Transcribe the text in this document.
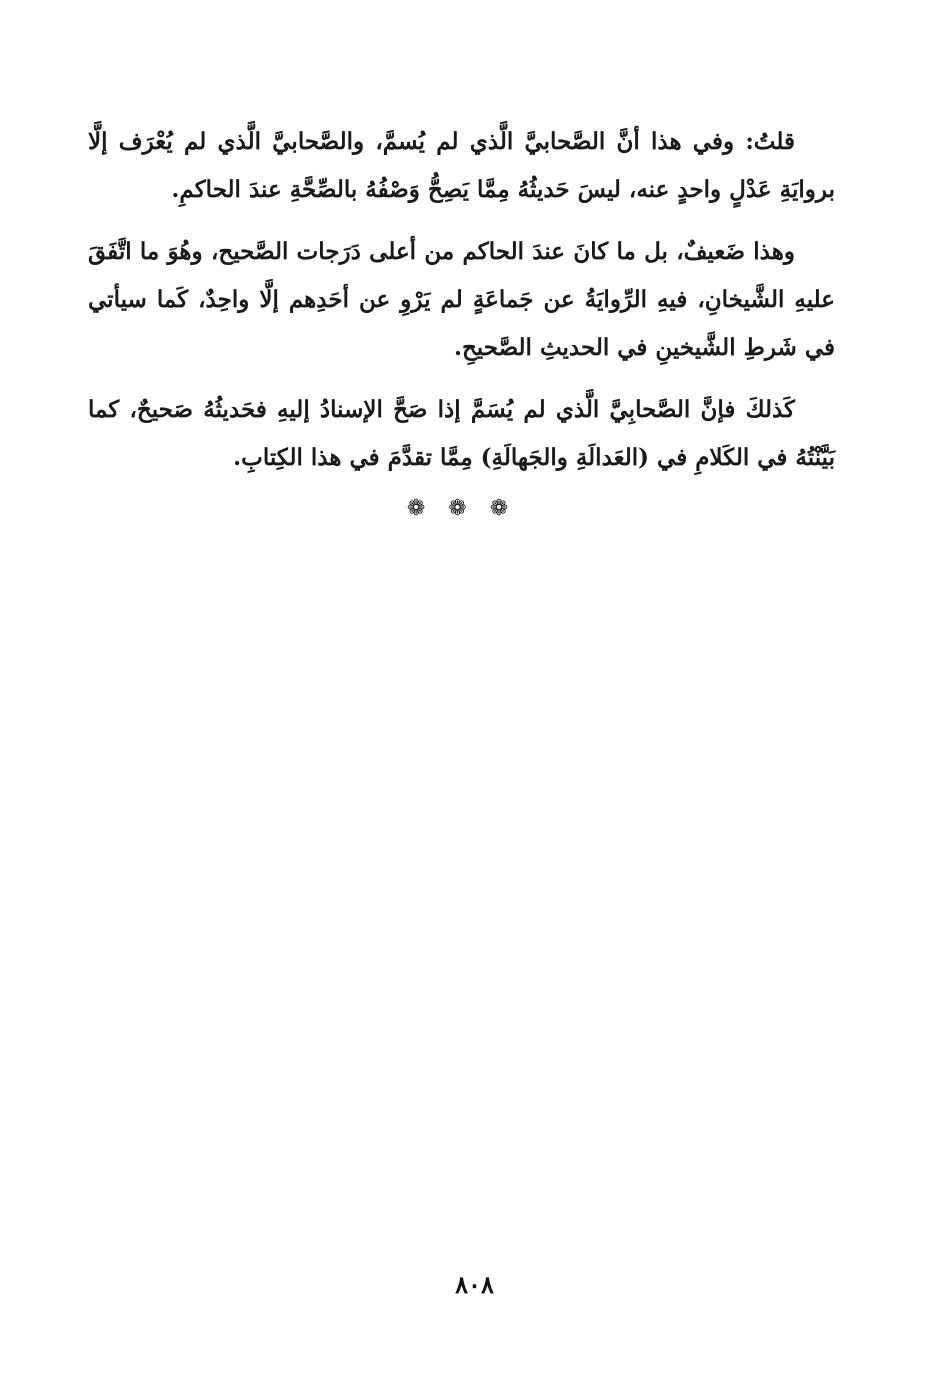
قلتُ: وفي هذا أنَّ الصَّحابيَّ الَّذي لم يُسمَّ، والصَّحابيَّ الَّذي لم يُعْرَف إلَّا بروايَةِ عَدْلٍ واحدٍ عنه، ليسَ حَديثُهُ مِمَّا يَصِحُّ وَصْفُهُ بالصِّحَّةِ عندَ الحاكمِ.

وهذا ضَعيفٌ، بل ما كانَ عندَ الحاكم من أعلى دَرَجات الصَّحيح، وهُوَ ما اتَّفَقَ عليهِ الشَّيخانِ، فيهِ الرِّوايَةُ عن جَماعَةٍ لم يَرْوِ عن أحَدِهم إلَّا واحِدٌ، كَما سيأتي في شَرطِ الشَّيخينِ في الحديثِ الصَّحيحِ.

كَذلكَ فإنَّ الصَّحابِيَّ الَّذي لم يُسَمَّ إذا صَحَّ الإسنادُ إليهِ فحَديثُهُ صَحيحٌ، كما بَيَّنْتُهُ في الكَلامِ في (العَدالَةِ والجَهالَةِ) مِمَّا تقدَّمَ في هذا الكِتابِ.

❁ ❁ ❁
٨٠٨
